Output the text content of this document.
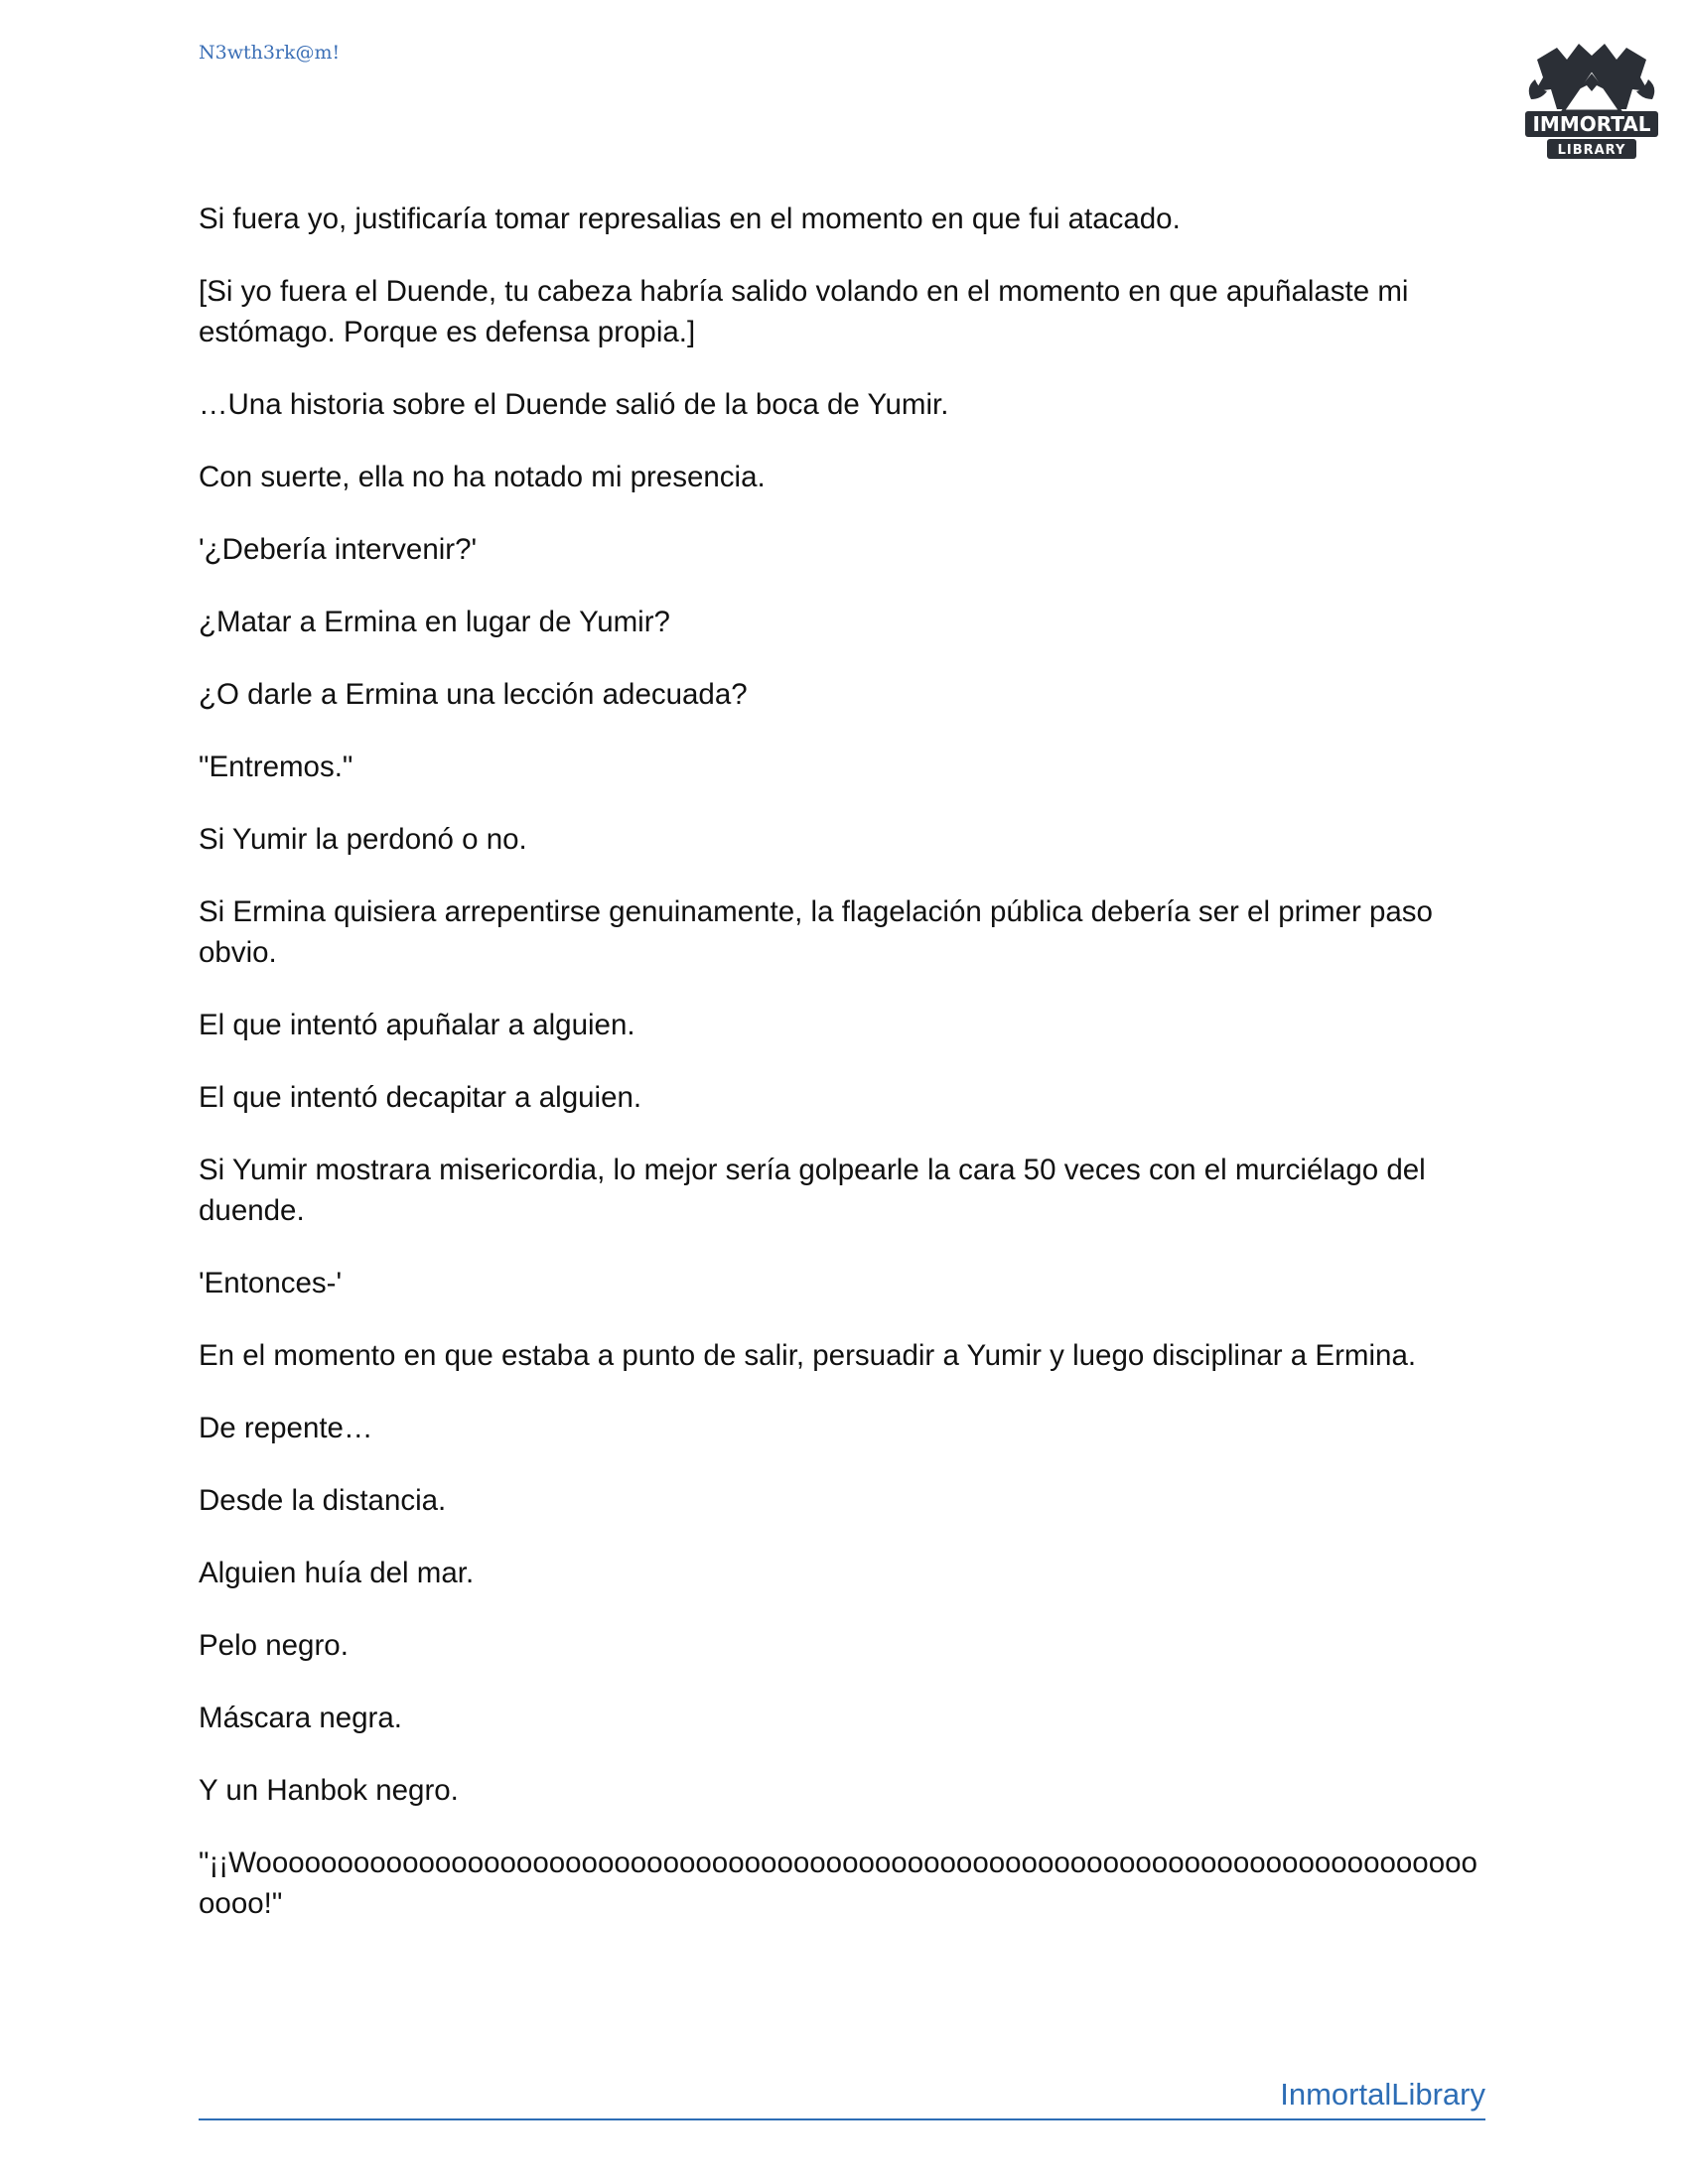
N3wth3rk@m!
IMMORTAL
LIBRARY

Si fuera yo, justificaría tomar represalias en el momento en que fui atacado.

[Si yo fuera el Duende, tu cabeza habría salido volando en el momento en que apuñalaste mi estómago. Porque es defensa propia.]

…Una historia sobre el Duende salió de la boca de Yumir.

Con suerte, ella no ha notado mi presencia.

'¿Debería intervenir?'

¿Matar a Ermina en lugar de Yumir?

¿O darle a Ermina una lección adecuada?

"Entremos."

Si Yumir la perdonó o no.

Si Ermina quisiera arrepentirse genuinamente, la flagelación pública debería ser el primer paso obvio.

El que intentó apuñalar a alguien.

El que intentó decapitar a alguien.

Si Yumir mostrara misericordia, lo mejor sería golpearle la cara 50 veces con el murciélago del duende.

'Entonces-'

En el momento en que estaba a punto de salir, persuadir a Yumir y luego disciplinar a Ermina.

De repente…

Desde la distancia.

Alguien huía del mar.

Pelo negro.

Máscara negra.

Y un Hanbok negro.

"¡¡Wooooooooooooooooooooooooooooooooooooooooooooooooooooooooooooooooooooooooooooooo!"

InmortalLibrary
